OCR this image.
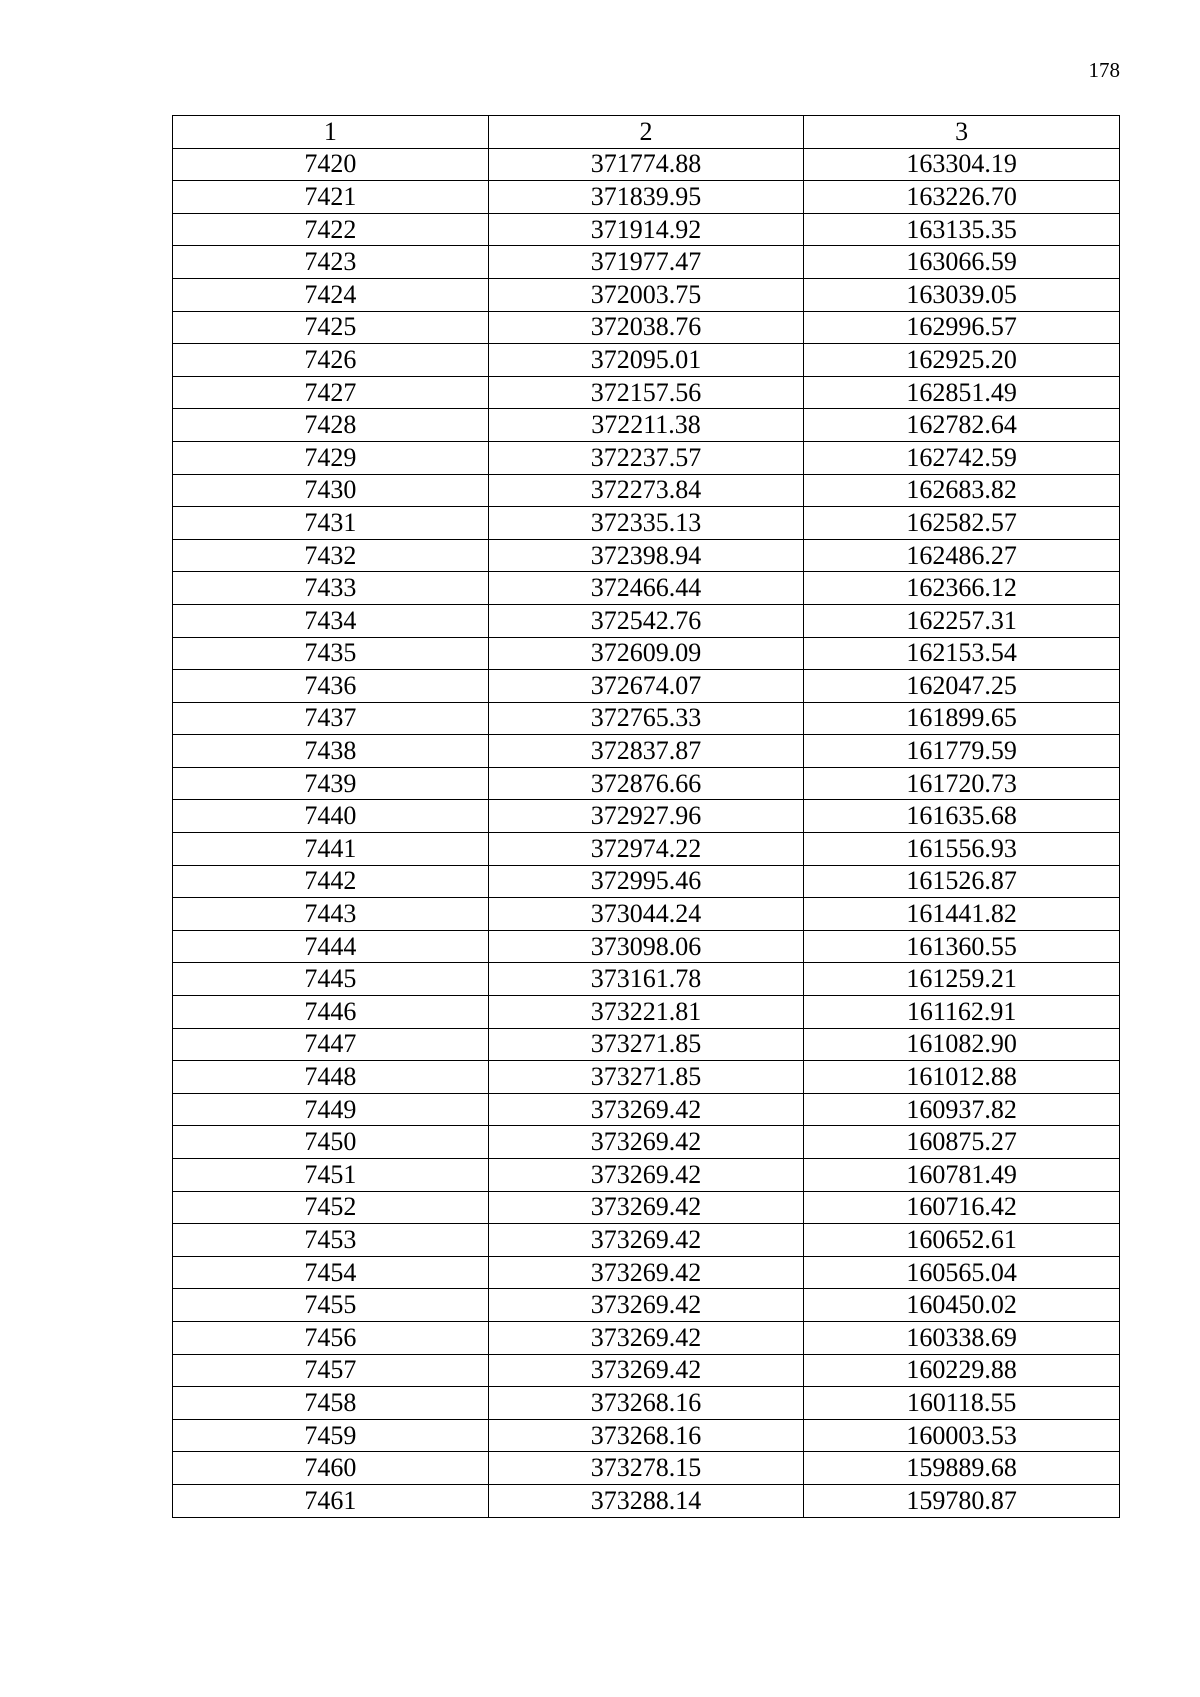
178
1	2	3
7420	371774.88	163304.19
7421	371839.95	163226.70
7422	371914.92	163135.35
7423	371977.47	163066.59
7424	372003.75	163039.05
7425	372038.76	162996.57
7426	372095.01	162925.20
7427	372157.56	162851.49
7428	372211.38	162782.64
7429	372237.57	162742.59
7430	372273.84	162683.82
7431	372335.13	162582.57
7432	372398.94	162486.27
7433	372466.44	162366.12
7434	372542.76	162257.31
7435	372609.09	162153.54
7436	372674.07	162047.25
7437	372765.33	161899.65
7438	372837.87	161779.59
7439	372876.66	161720.73
7440	372927.96	161635.68
7441	372974.22	161556.93
7442	372995.46	161526.87
7443	373044.24	161441.82
7444	373098.06	161360.55
7445	373161.78	161259.21
7446	373221.81	161162.91
7447	373271.85	161082.90
7448	373271.85	161012.88
7449	373269.42	160937.82
7450	373269.42	160875.27
7451	373269.42	160781.49
7452	373269.42	160716.42
7453	373269.42	160652.61
7454	373269.42	160565.04
7455	373269.42	160450.02
7456	373269.42	160338.69
7457	373269.42	160229.88
7458	373268.16	160118.55
7459	373268.16	160003.53
7460	373278.15	159889.68
7461	373288.14	159780.87
